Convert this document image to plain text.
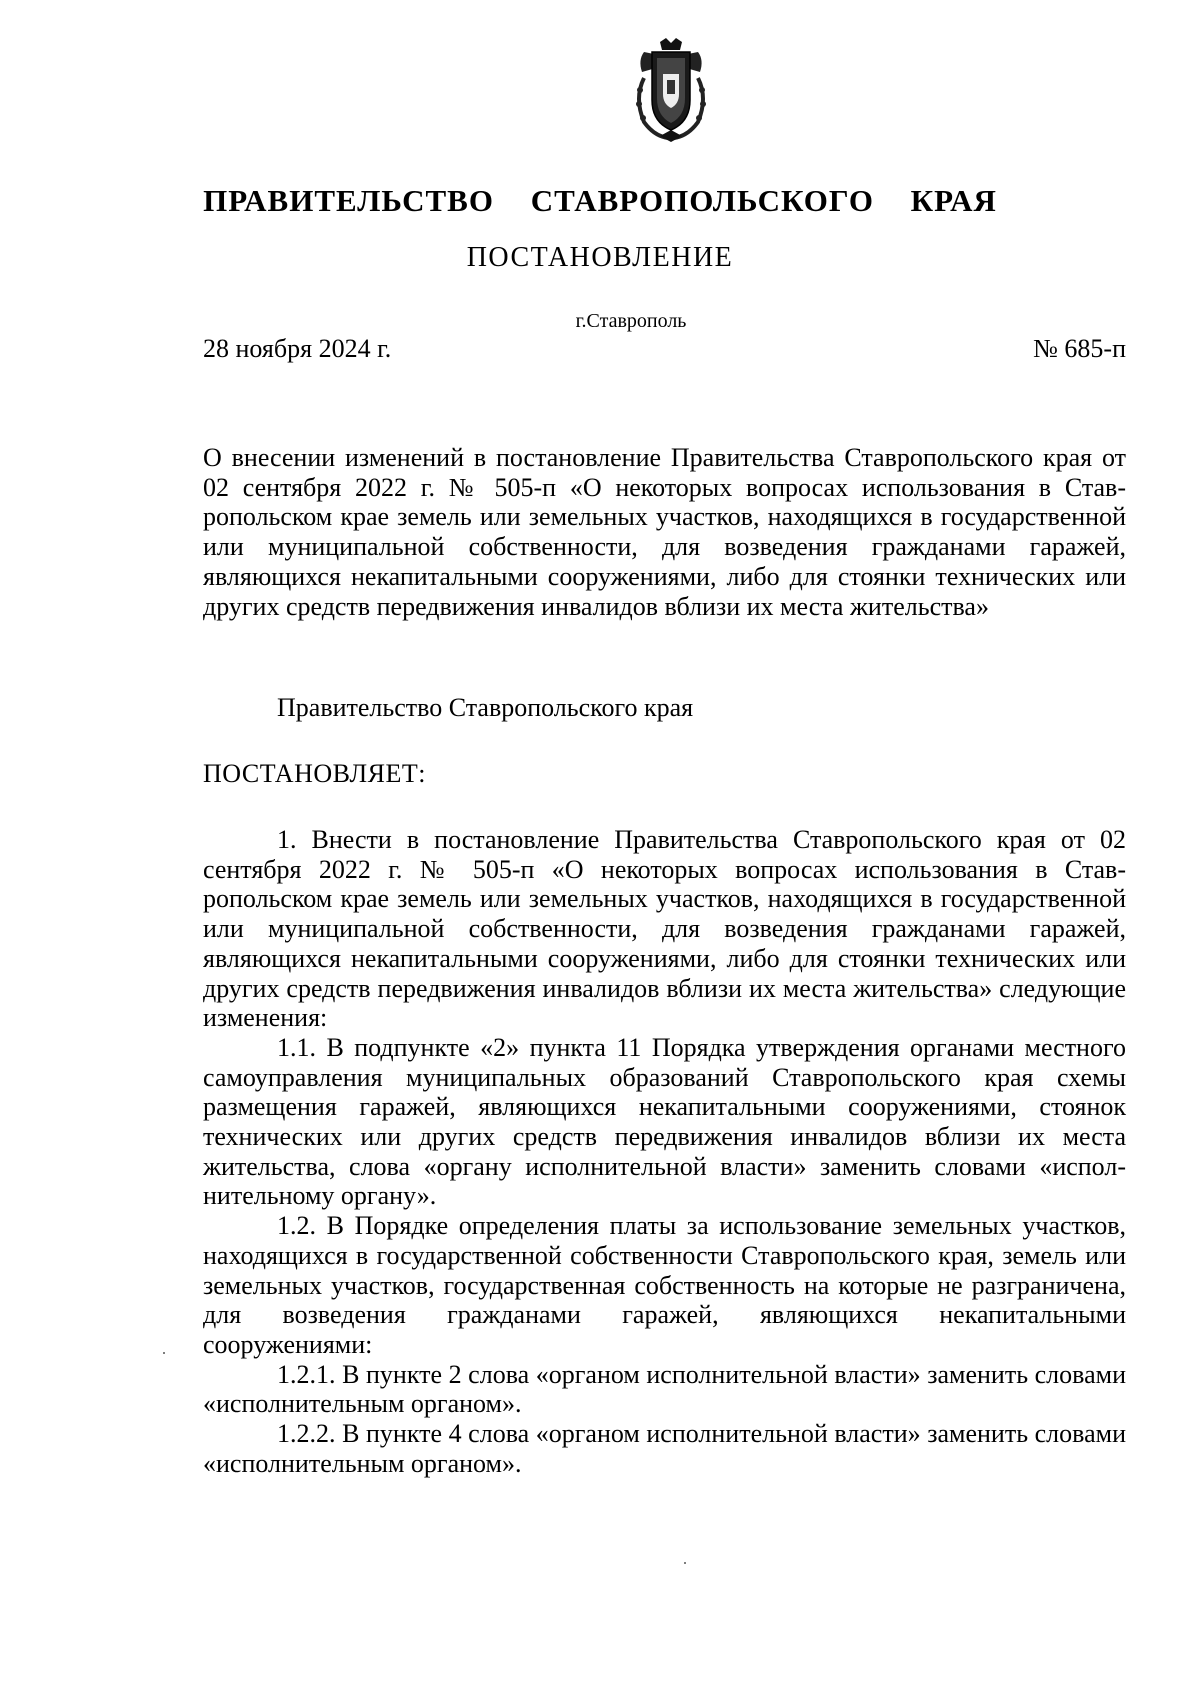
ПРАВИТЕЛЬСТВО СТАВРОПОЛЬСКОГО КРАЯ
ПОСТАНОВЛЕНИЕ
г.Ставрополь
28 ноября 2024 г.	№ 685-п
О внесении изменений в постановление Правительства Ставропольского края от 02 сентября 2022 г. № 505-п «О некоторых вопросах использования в Ставропольском крае земель или земельных участков, находящихся в государственной или муниципальной собственности, для возведения гражданами гаражей, являющихся некапитальными сооружениями, либо для стоянки технических или других средств передвижения инвалидов вблизи их места жительства»
Правительство Ставропольского края
ПОСТАНОВЛЯЕТ:

1. Внести в постановление Правительства Ставропольского края от 02 сентября 2022 г. № 505-п «О некоторых вопросах использования в Ставропольском крае земель или земельных участков, находящихся в государственной или муниципальной собственности, для возведения гражданами гаражей, являющихся некапитальными сооружениями, либо для стоянки технических или других средств передвижения инвалидов вблизи их места жительства» следующие изменения:

1.1. В подпункте «2» пункта 11 Порядка утверждения органами местного самоуправления муниципальных образований Ставропольского края схемы размещения гаражей, являющихся некапитальными сооружениями, стоянок технических или других средств передвижения инвалидов вблизи их места жительства, слова «органу исполнительной власти» заменить словами «исполнительному органу».

1.2. В Порядке определения платы за использование земельных участков, находящихся в государственной собственности Ставропольского края, земель или земельных участков, государственная собственность на которые не разграничена, для возведения гражданами гаражей, являющихся некапитальными сооружениями:

1.2.1. В пункте 2 слова «органом исполнительной власти» заменить словами «исполнительным органом».

1.2.2. В пункте 4 слова «органом исполнительной власти» заменить словами «исполнительным органом».
